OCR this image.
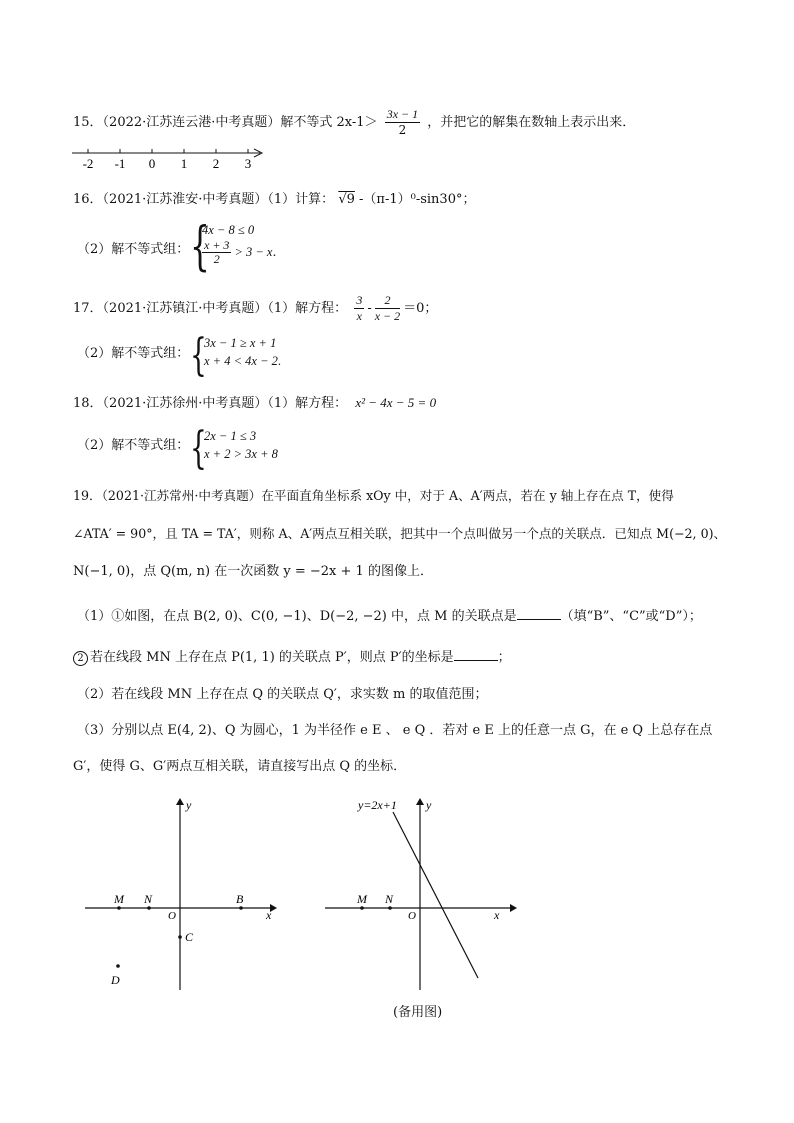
15．（2022·江苏连云港·中考真题）解不等式 $2x-1> \frac{3x - 1}{2}$ ，并把它的解集在数轴上表示出来．
-2 -1 0 1 2 3
16．（2021·江苏淮安·中考真题）（1）计算： √9 -（π-1）⁰-sin30°；
（2）解不等式组： {
4x − 8 ≤ 0
$\frac{x + 3}{2} > 3 - x$.
17．（2021·江苏镇江·中考真题）（1）解方程： $\frac{3}{x} - \frac{2}{x - 2} =0$；
（2）解不等式组： {
3x − 1 ≥ x + 1
x + 4 < 4x − 2.
18．（2021·江苏徐州·中考真题）（1）解方程： x² − 4x − 5 = 0
（2）解不等式组： {
2x − 1 ≤ 3
x + 2 > 3x + 8
19．（2021·江苏常州·中考真题）在平面直角坐标系 xOy 中，对于 A、A′两点，若在 y 轴上存在点 T，使得
∠ATA′ = 90°，且 TA = TA′，则称 A、A′两点互相关联，把其中一个点叫做另一个点的关联点．已知点 M(−2, 0)、
N(−1, 0)，点 Q(m, n) 在一次函数 y = −2x + 1 的图像上．
（1）①如图，在点 B(2, 0)、C(0, −1)、D(−2, −2) 中，点 M 的关联点是	（填“B”、“C”或“D”）；
2 若在线段 MN 上存在点 P(1, 1) 的关联点 P′，则点 P′的坐标是	；
（2）若在线段 MN 上存在点 Q 的关联点 Q′，求实数 m 的取值范围；
（3）分别以点 E(4, 2)、Q 为圆心，1 为半径作 e E 、 e Q ．若对 e E 上的任意一点 G，在 e Q 上总存在点
G′，使得 G、G′两点互相关联，请直接写出点 Q 的坐标．
M N
O
B
C
D
x
y
M N
O	x
y
y=2x+1
(备用图)
